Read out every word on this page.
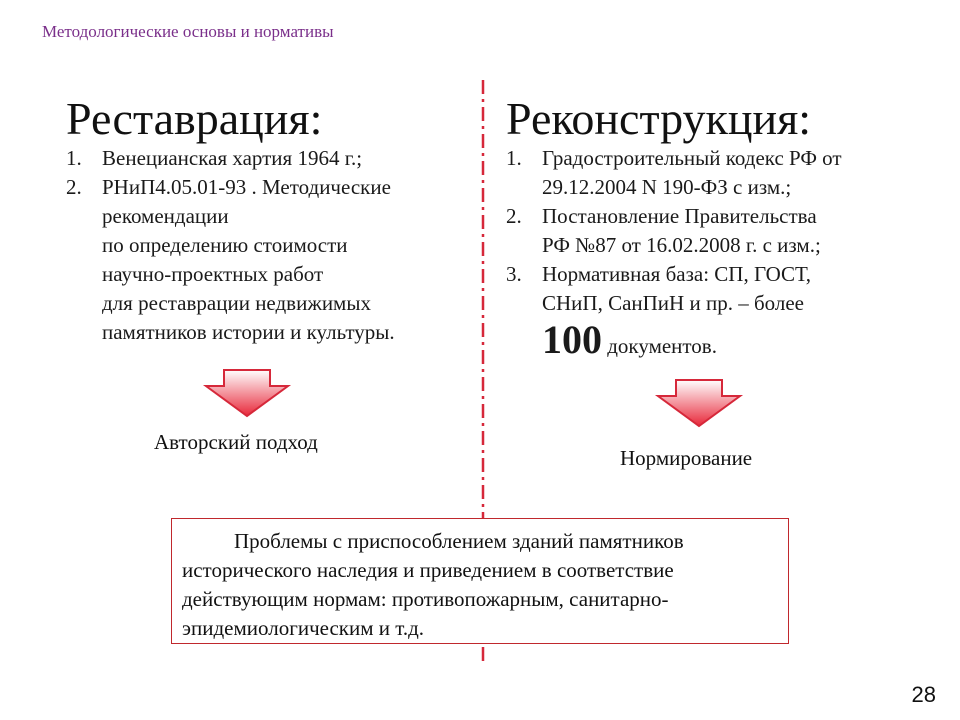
Методологические основы и нормативы
Реставрация:
1. Венецианская хартия 1964 г.;
2. РНиП4.05.01-93 . Методические
рекомендации
по определению стоимости
научно-проектных работ
для реставрации недвижимых
памятников истории и культуры.
Авторский подход
Реконструкция:
1. Градостроительный кодекс РФ от
29.12.2004 N 190-ФЗ с изм.;
2. Постановление Правительства
РФ №87 от 16.02.2008 г. с изм.;
3. Нормативная база: СП, ГОСТ,
СНиП, СанПиН и пр. – более
100 документов.
Нормирование
Проблемы с приспособлением зданий памятников
исторического наследия и приведением в соответствие
действующим нормам: противопожарным, санитарно-
эпидемиологическим и т.д.
28
